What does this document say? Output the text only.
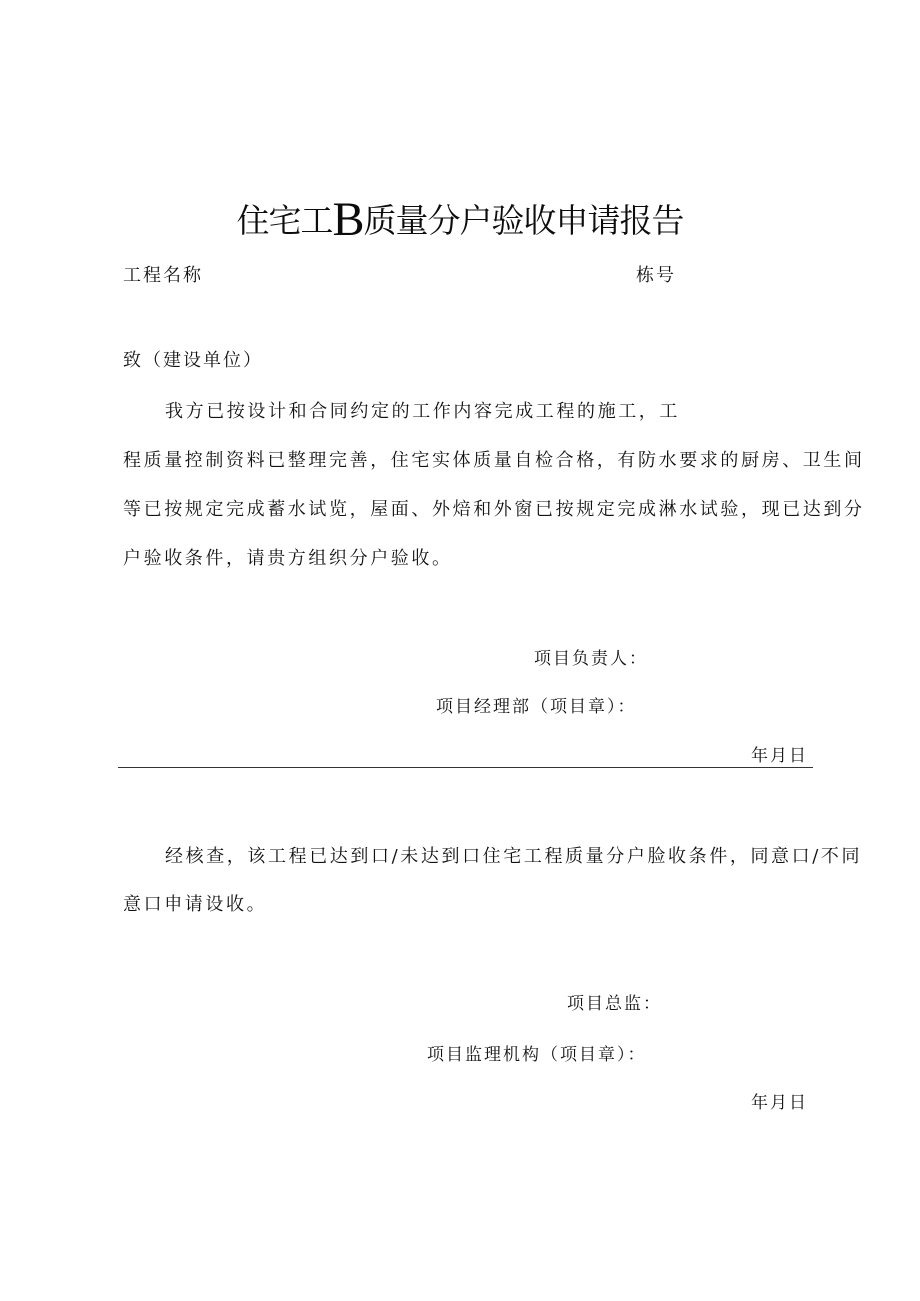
住宅工B质量分户验收申请报告
工程名称	栋号
致（建设单位）
我方已按设计和合同约定的工作内容完成工程的施工，工
程质量控制资料已整理完善，住宅实体质量自检合格，有防水要求的厨房、卫生间
等已按规定完成蓄水试览，屋面、外焙和外窗已按规定完成淋水试验，现已达到分
户验收条件，请贵方组织分户验收。
项目负责人：
项目经理部（项目章）：
年月日
经核查，该工程已达到口/未达到口住宅工程质量分户脸收条件，同意口/不同
意口申请设收。
项目总监：
项目监理机构（项目章）：
年月日
